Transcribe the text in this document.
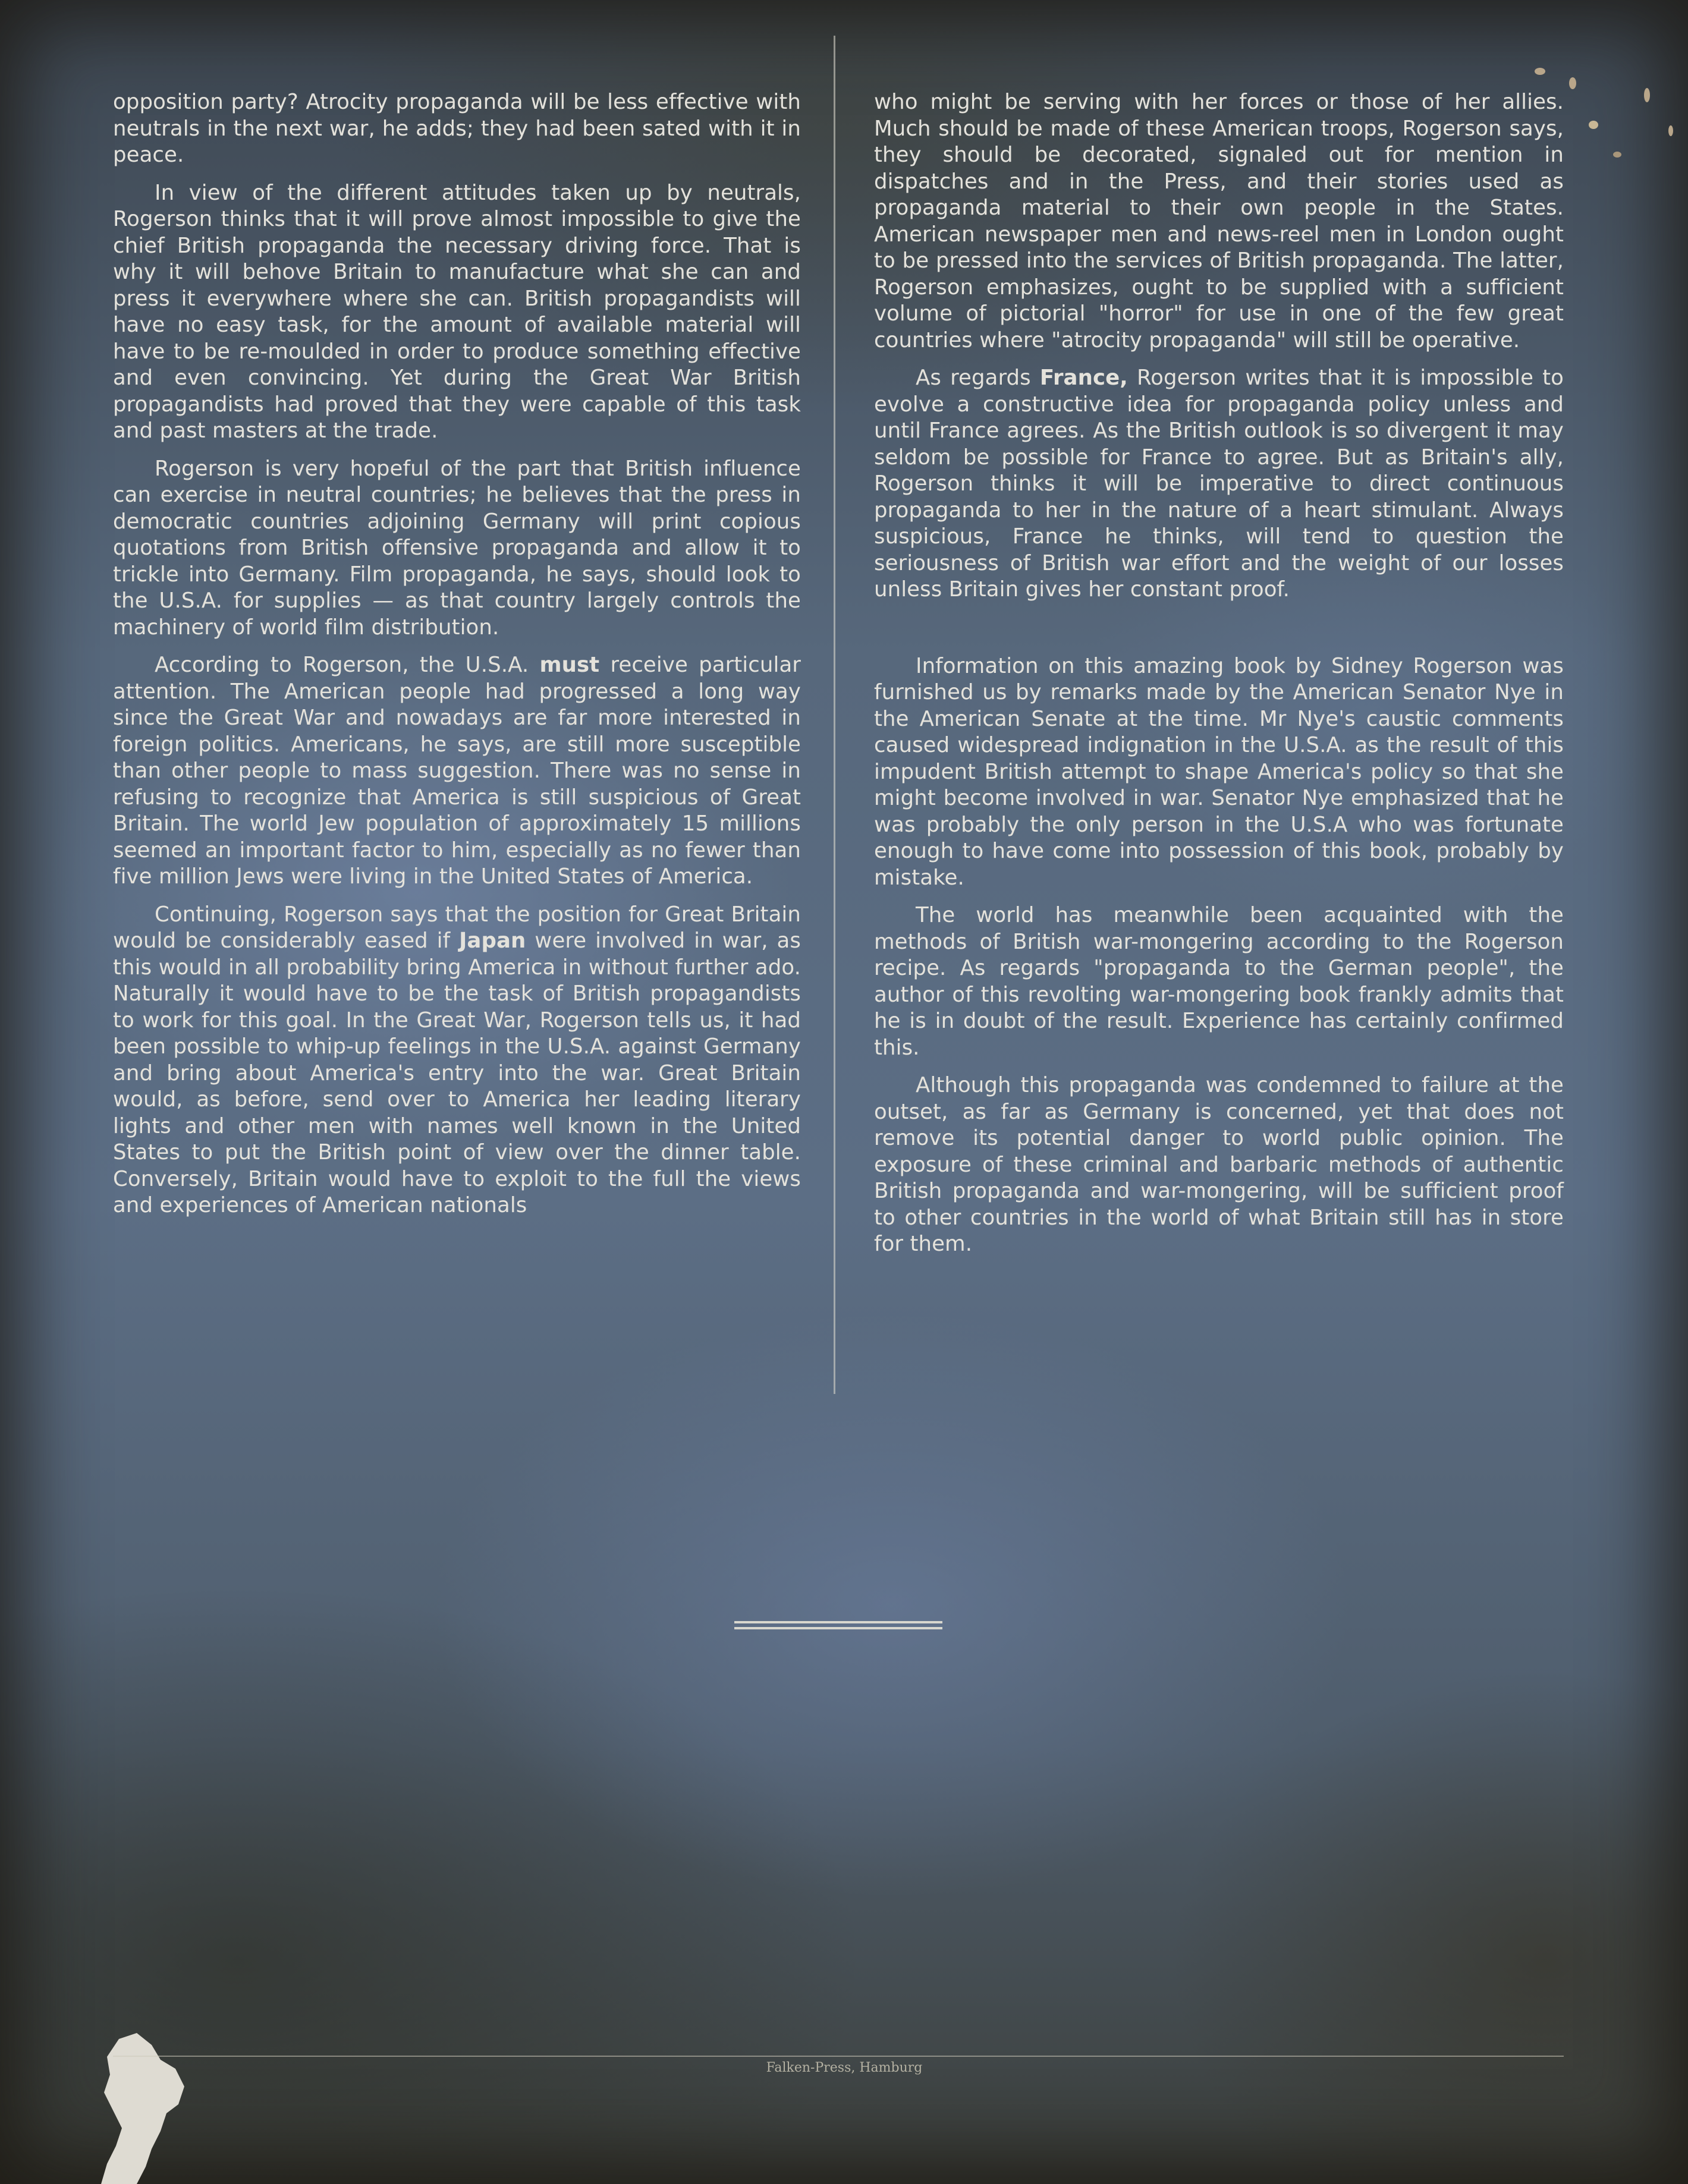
opposition party? Atrocity propaganda will be less effective with neutrals in the next war, he adds; they had been sated with it in peace.

In view of the different attitudes taken up by neutrals, Rogerson thinks that it will prove almost impossible to give the chief British propaganda the necessary driving force. That is why it will behove Britain to manufacture what she can and press it everywhere where she can. British propagandists will have no easy task, for the amount of available material will have to be re-moulded in order to produce something effective and even convincing. Yet during the Great War British propagandists had proved that they were capable of this task and past masters at the trade.

Rogerson is very hopeful of the part that British influence can exercise in neutral countries; he believes that the press in democratic countries adjoining Germany will print copious quotations from British offensive propaganda and allow it to trickle into Germany. Film propaganda, he says, should look to the U.S.A. for supplies — as that country largely controls the machinery of world film distribution.

According to Rogerson, the U.S.A. must receive particular attention. The American people had progressed a long way since the Great War and nowadays are far more interested in foreign politics. Americans, he says, are still more susceptible than other people to mass suggestion. There was no sense in refusing to recognize that America is still suspicious of Great Britain. The world Jew population of approximately 15 millions seemed an important factor to him, especially as no fewer than five million Jews were living in the United States of America.

Continuing, Rogerson says that the position for Great Britain would be considerably eased if Japan were involved in war, as this would in all probability bring America in without further ado. Naturally it would have to be the task of British propagandists to work for this goal. In the Great War, Rogerson tells us, it had been possible to whip-up feelings in the U.S.A. against Germany and bring about America's entry into the war. Great Britain would, as before, send over to America her leading literary lights and other men with names well known in the United States to put the British point of view over the dinner table. Conversely, Britain would have to exploit to the full the views and experiences of American nationals

who might be serving with her forces or those of her allies. Much should be made of these American troops, Rogerson says, they should be decorated, signaled out for mention in dispatches and in the Press, and their stories used as propaganda material to their own people in the States. American newspaper men and news-reel men in London ought to be pressed into the services of British propaganda. The latter, Rogerson emphasizes, ought to be supplied with a sufficient volume of pictorial "horror" for use in one of the few great countries where "atrocity propaganda" will still be operative.

As regards France, Rogerson writes that it is impossible to evolve a constructive idea for propaganda policy unless and until France agrees. As the British outlook is so divergent it may seldom be possible for France to agree. But as Britain's ally, Rogerson thinks it will be imperative to direct continuous propaganda to her in the nature of a heart stimulant. Always suspicious, France he thinks, will tend to question the seriousness of British war effort and the weight of our losses unless Britain gives her constant proof.

Information on this amazing book by Sidney Rogerson was furnished us by remarks made by the American Senator Nye in the American Senate at the time. Mr Nye's caustic comments caused widespread indignation in the U.S.A. as the result of this impudent British attempt to shape America's policy so that she might become involved in war. Senator Nye emphasized that he was probably the only person in the U.S.A who was fortunate enough to have come into possession of this book, probably by mistake.

The world has meanwhile been acquainted with the methods of British war-mongering according to the Rogerson recipe. As regards "propaganda to the German people", the author of this revolting war-mongering book frankly admits that he is in doubt of the result. Experience has certainly confirmed this.

Although this propaganda was condemned to failure at the outset, as far as Germany is concerned, yet that does not remove its potential danger to world public opinion. The exposure of these criminal and barbaric methods of authentic British propaganda and war-mongering, will be sufficient proof to other countries in the world of what Britain still has in store for them.

Falken-Press, Hamburg
